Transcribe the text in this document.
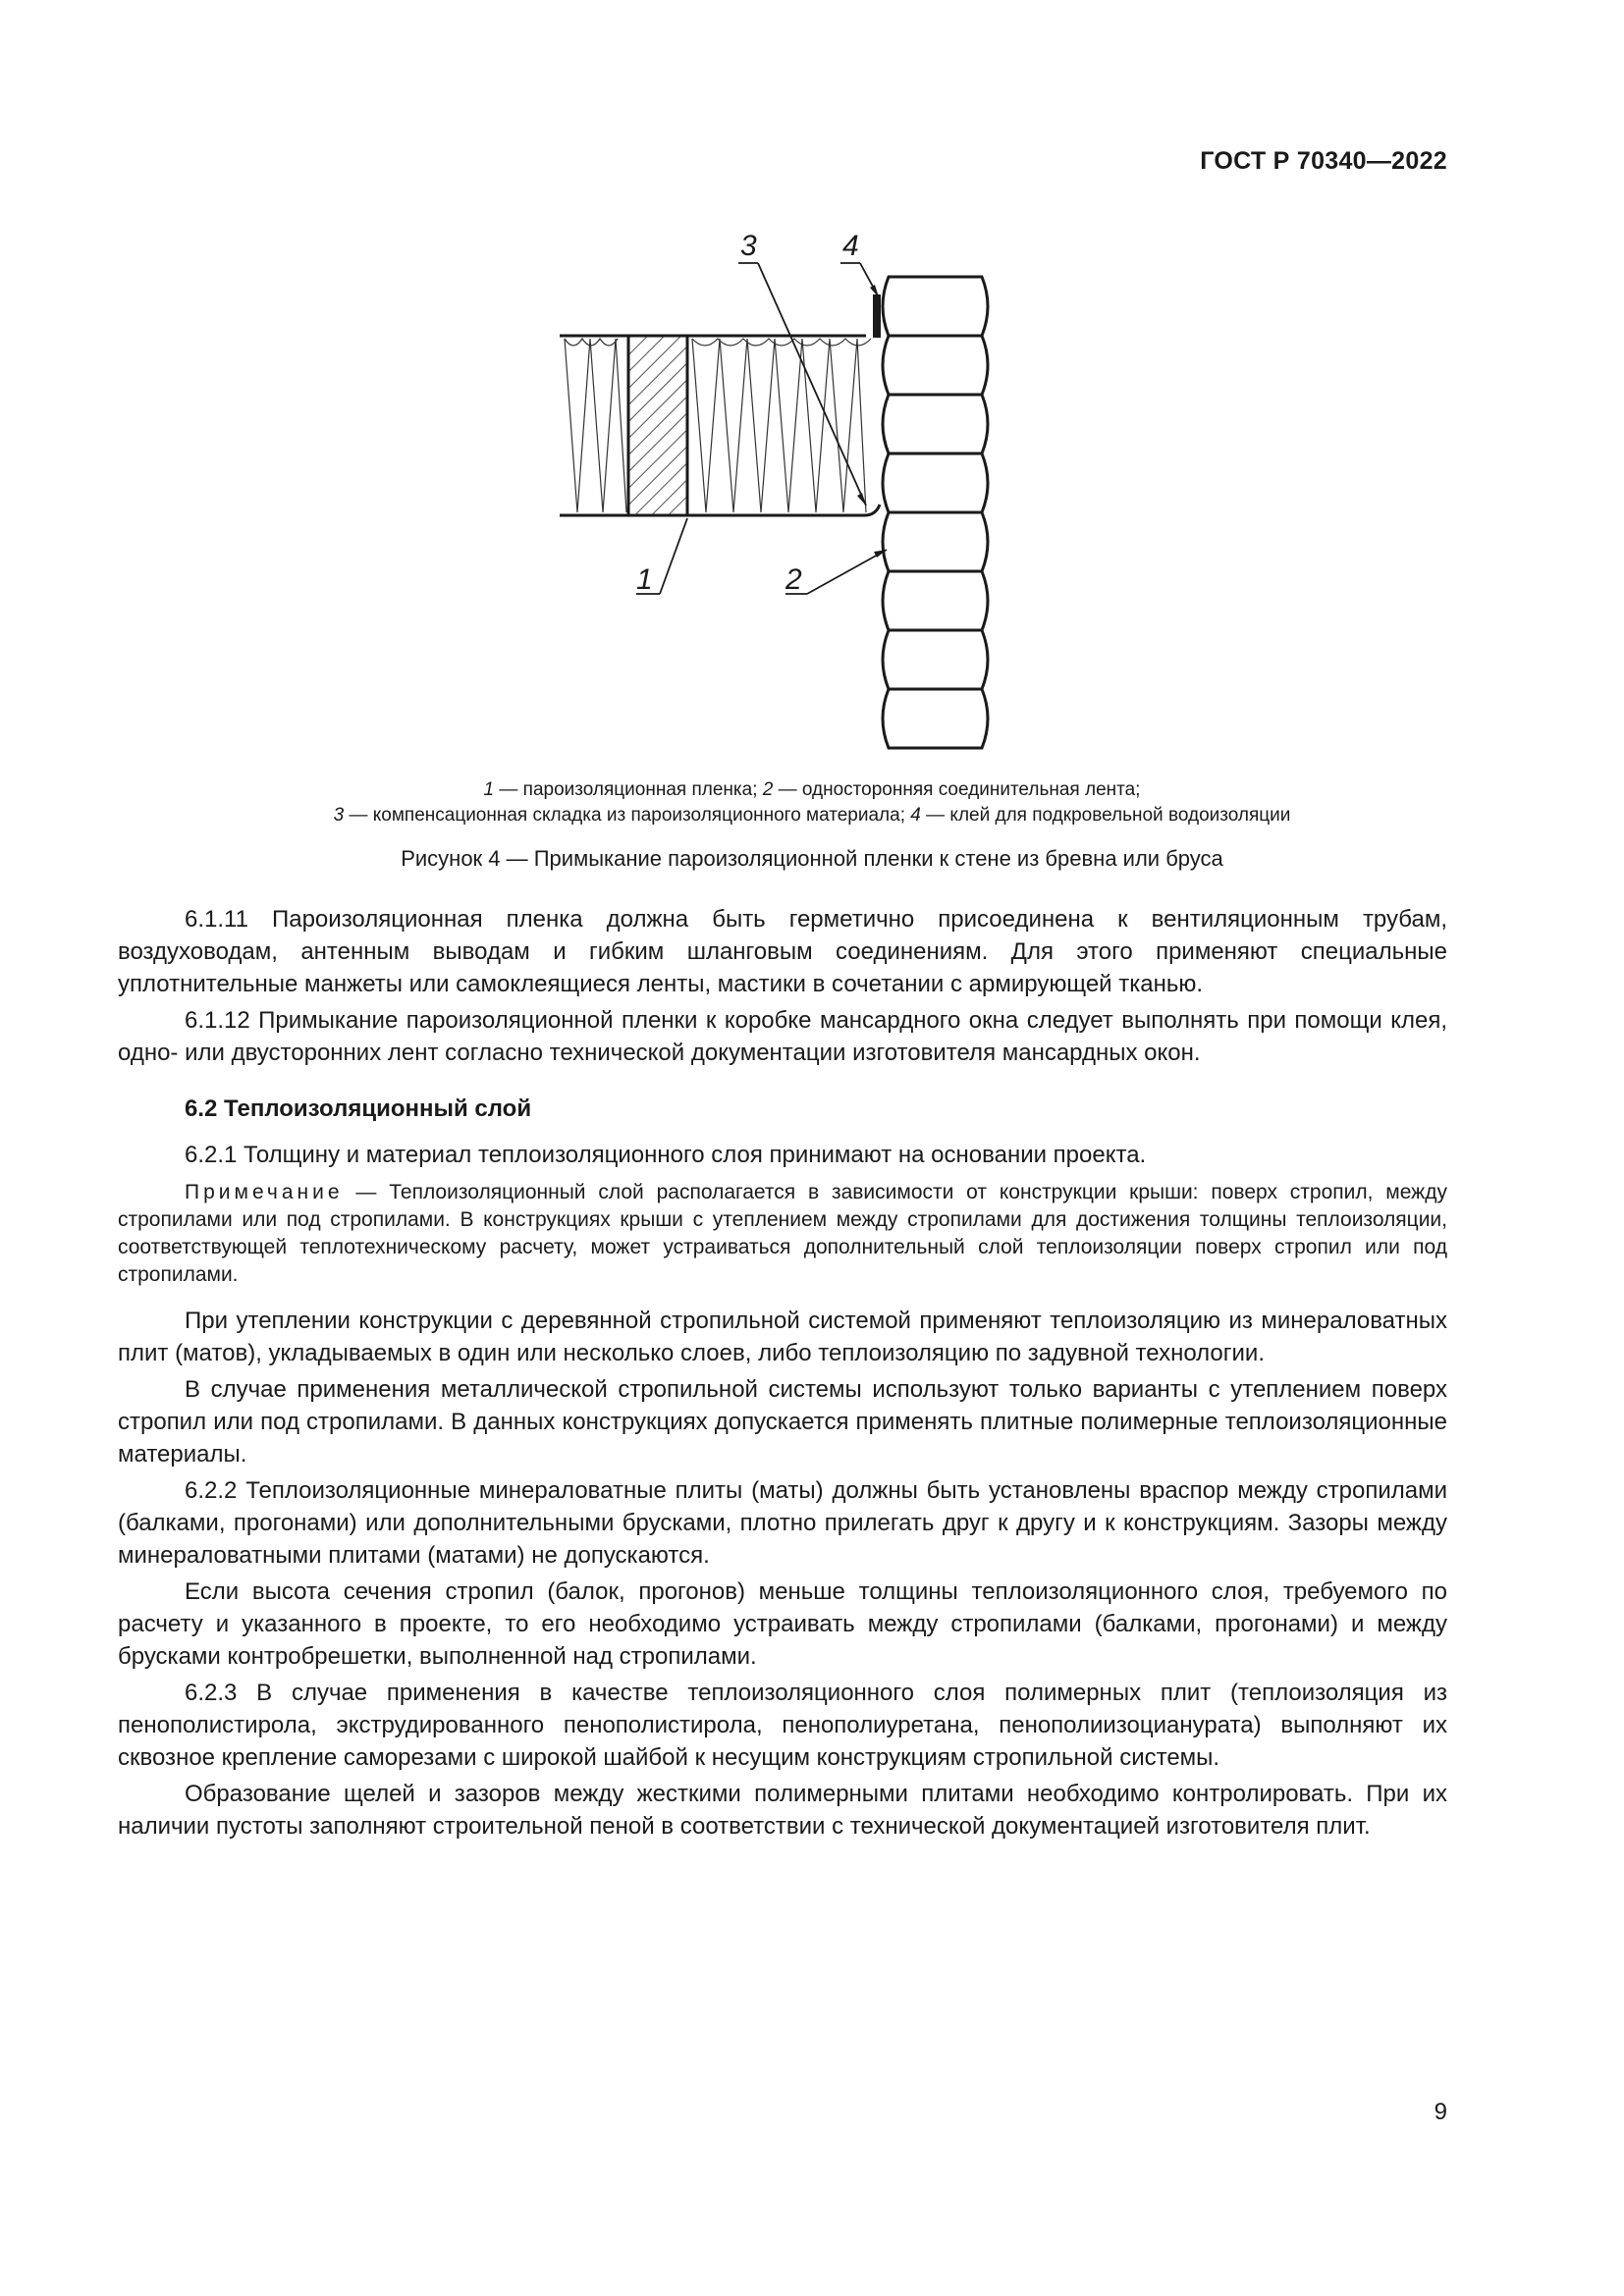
ГОСТ Р 70340—2022
3	4
1	2
1 — пароизоляционная пленка; 2 — односторонняя соединительная лента;
3 — компенсационная складка из пароизоляционного материала; 4 — клей для подкровельной водоизоляции
Рисунок 4 — Примыкание пароизоляционной пленки к стене из бревна или бруса

6.1.11 Пароизоляционная пленка должна быть герметично присоединена к вентиляционным трубам, воздуховодам, антенным выводам и гибким шланговым соединениям. Для этого применяют специальные уплотнительные манжеты или самоклеящиеся ленты, мастики в сочетании с армирующей тканью.

6.1.12 Примыкание пароизоляционной пленки к коробке мансардного окна следует выполнять при помощи клея, одно- или двусторонних лент согласно технической документации изготовителя мансардных окон.

6.2 Теплоизоляционный слой

6.2.1 Толщину и материал теплоизоляционного слоя принимают на основании проекта.

Примечание — Теплоизоляционный слой располагается в зависимости от конструкции крыши: поверх стропил, между стропилами или под стропилами. В конструкциях крыши с утеплением между стропилами для достижения толщины теплоизоляции, соответствующей теплотехническому расчету, может устраиваться дополнительный слой теплоизоляции поверх стропил или под стропилами.

При утеплении конструкции с деревянной стропильной системой применяют теплоизоляцию из минераловатных плит (матов), укладываемых в один или несколько слоев, либо теплоизоляцию по задувной технологии.

В случае применения металлической стропильной системы используют только варианты с утеплением поверх стропил или под стропилами. В данных конструкциях допускается применять плитные полимерные теплоизоляционные материалы.

6.2.2 Теплоизоляционные минераловатные плиты (маты) должны быть установлены враспор между стропилами (балками, прогонами) или дополнительными брусками, плотно прилегать друг к другу и к конструкциям. Зазоры между минераловатными плитами (матами) не допускаются.

Если высота сечения стропил (балок, прогонов) меньше толщины теплоизоляционного слоя, требуемого по расчету и указанного в проекте, то его необходимо устраивать между стропилами (балками, прогонами) и между брусками контробрешетки, выполненной над стропилами.

6.2.3 В случае применения в качестве теплоизоляционного слоя полимерных плит (теплоизоляция из пенополистирола, экструдированного пенополистирола, пенополиуретана, пенополиизоцианурата) выполняют их сквозное крепление саморезами с широкой шайбой к несущим конструкциям стропильной системы.

Образование щелей и зазоров между жесткими полимерными плитами необходимо контролировать. При их наличии пустоты заполняют строительной пеной в соответствии с технической документацией изготовителя плит.

9
